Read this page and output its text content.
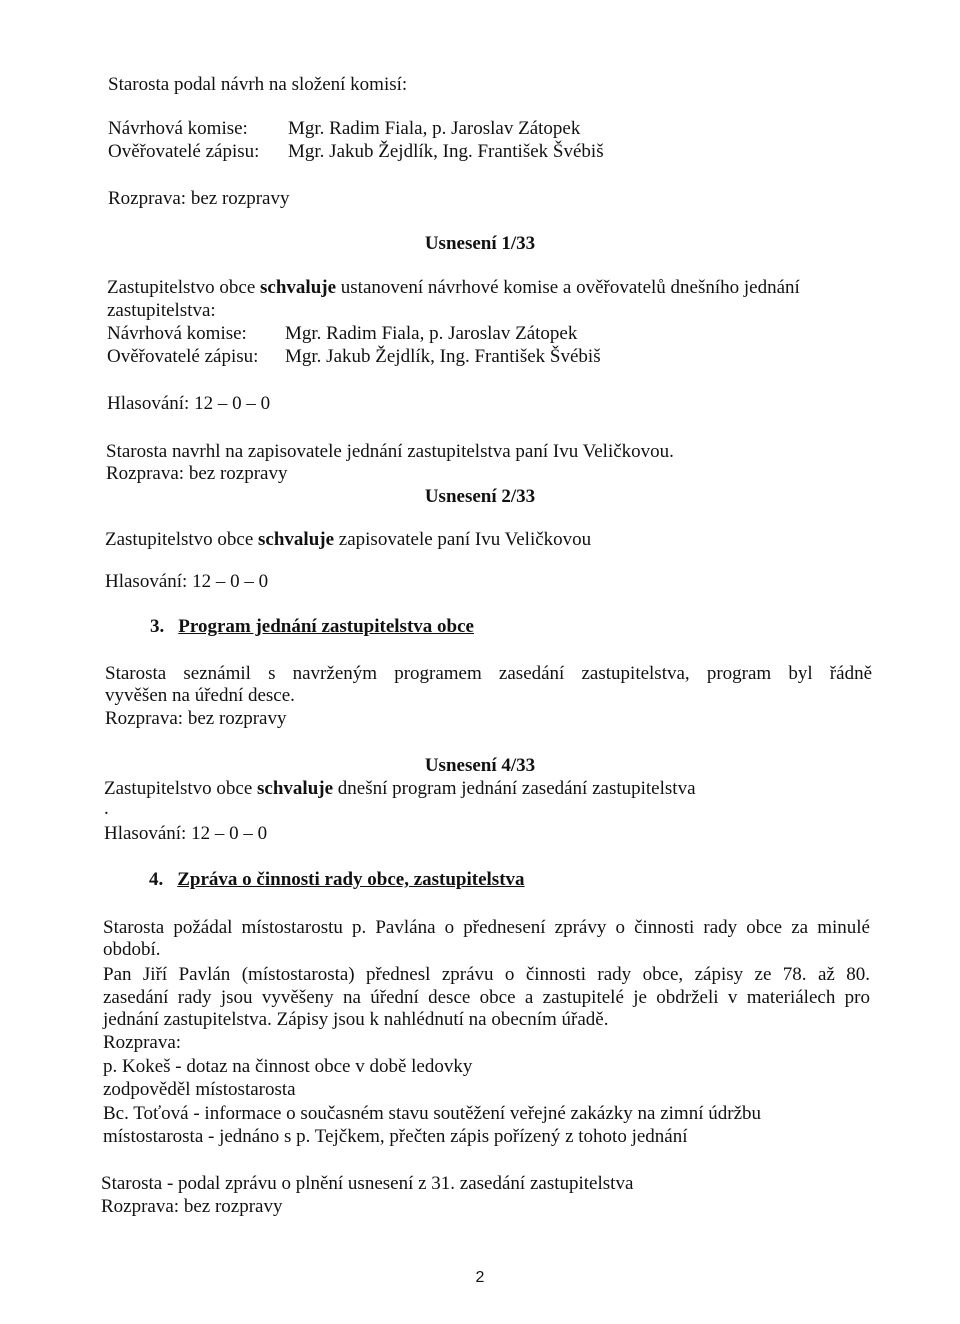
Starosta podal návrh na složení komisí:
Návrhová komise: Mgr. Radim Fiala, p. Jaroslav Zátopek
Ověřovatelé zápisu: Mgr. Jakub Žejdlík, Ing. František Švébiš
Rozprava: bez rozpravy
Usnesení 1/33
Zastupitelstvo obce schvaluje ustanovení návrhové komise a ověřovatelů dnešního jednání
zastupitelstva:
Návrhová komise: Mgr. Radim Fiala, p. Jaroslav Zátopek
Ověřovatelé zápisu: Mgr. Jakub Žejdlík, Ing. František Švébiš
Hlasování: 12 – 0 – 0
Starosta navrhl na zapisovatele jednání zastupitelstva paní Ivu Veličkovou.
Rozprava: bez rozpravy
Usnesení 2/33
Zastupitelstvo obce schvaluje zapisovatele paní Ivu Veličkovou
Hlasování: 12 – 0 – 0
3. Program jednání zastupitelstva obce
Starosta seznámil s navrženým programem zasedání zastupitelstva, program byl řádně
vyvěšen na úřední desce.
Rozprava: bez rozpravy
Usnesení 4/33
Zastupitelstvo obce schvaluje dnešní program jednání zasedání zastupitelstva
.
Hlasování: 12 – 0 – 0
4. Zpráva o činnosti rady obce, zastupitelstva
Starosta požádal místostarostu p. Pavlána o přednesení zprávy o činnosti rady obce za minulé
období.
Pan Jiří Pavlán (místostarosta) přednesl zprávu o činnosti rady obce, zápisy ze 78. až 80.
zasedání rady jsou vyvěšeny na úřední desce obce a zastupitelé je obdrželi v materiálech pro
jednání zastupitelstva. Zápisy jsou k nahlédnutí na obecním úřadě.
Rozprava:
p. Kokeš - dotaz na činnost obce v době ledovky
zodpověděl místostarosta
Bc. Toťová - informace o současném stavu soutěžení veřejné zakázky na zimní údržbu
místostarosta - jednáno s p. Tejčkem, přečten zápis pořízený z tohoto jednání
Starosta - podal zprávu o plnění usnesení z 31. zasedání zastupitelstva
Rozprava: bez rozpravy
2
